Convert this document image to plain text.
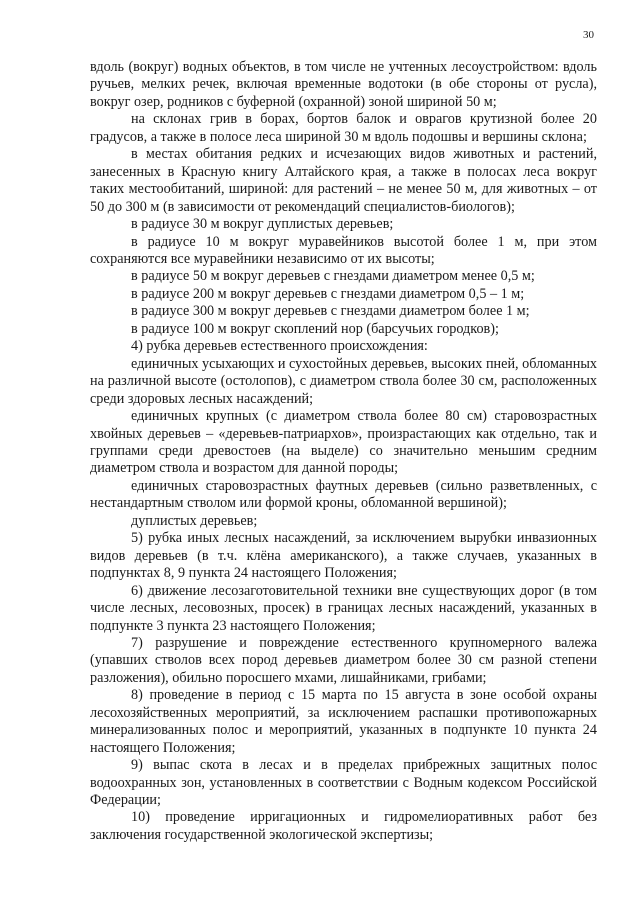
30

вдоль (вокруг) водных объектов, в том числе не учтенных лесоустройством: вдоль ручьев, мелких речек, включая временные водотоки (в обе стороны от русла), вокруг озер, родников с буферной (охранной) зоной шириной 50 м;

на склонах грив в борах, бортов балок и оврагов крутизной более 20 градусов, а также в полосе леса шириной 30 м вдоль подошвы и вершины склона;

в местах обитания редких и исчезающих видов животных и растений, занесенных в Красную книгу Алтайского края, а также в полосах леса вокруг таких местообитаний, шириной: для растений – не менее 50 м, для животных – от 50 до 300 м (в зависимости от рекомендаций специалистов-биологов);

в радиусе 30 м вокруг дуплистых деревьев;

в радиусе 10 м вокруг муравейников высотой более 1 м, при этом сохраняются все муравейники независимо от их высоты;

в радиусе 50 м вокруг деревьев с гнездами диаметром менее 0,5 м;

в радиусе 200 м вокруг деревьев с гнездами диаметром 0,5 – 1 м;

в радиусе 300 м вокруг деревьев с гнездами диаметром более 1 м;

в радиусе 100 м вокруг скоплений нор (барсучьих городков);

4) рубка деревьев естественного происхождения:

единичных усыхающих и сухостойных деревьев, высоких пней, обломанных на различной высоте (остолопов), с диаметром ствола более 30 см, расположенных среди здоровых лесных насаждений;

единичных крупных (с диаметром ствола более 80 см) старовозрастных хвойных деревьев – «деревьев-патриархов», произрастающих как отдельно, так и группами среди древостоев (на выделе) со значительно меньшим средним диаметром ствола и возрастом для данной породы;

единичных старовозрастных фаутных деревьев (сильно разветвленных, с нестандартным стволом или формой кроны, обломанной вершиной);

дуплистых деревьев;

5) рубка иных лесных насаждений, за исключением вырубки инвазионных видов деревьев (в т.ч. клёна американского), а также случаев, указанных в подпунктах 8, 9 пункта 24 настоящего Положения;

6) движение лесозаготовительной техники вне существующих дорог (в том числе лесных, лесовозных, просек) в границах лесных насаждений, указанных в подпункте 3 пункта 23 настоящего Положения;

7) разрушение и повреждение естественного крупномерного валежа (упавших стволов всех пород деревьев диаметром более 30 см разной степени разложения), обильно поросшего мхами, лишайниками, грибами;

8) проведение в период с 15 марта по 15 августа в зоне особой охраны лесохозяйственных мероприятий, за исключением распашки противопожарных минерализованных полос и мероприятий, указанных в подпункте 10 пункта 24 настоящего Положения;

9) выпас скота в лесах и в пределах прибрежных защитных полос водоохранных зон, установленных в соответствии с Водным кодексом Российской Федерации;

10) проведение ирригационных и гидромелиоративных работ без заключения государственной экологической экспертизы;
